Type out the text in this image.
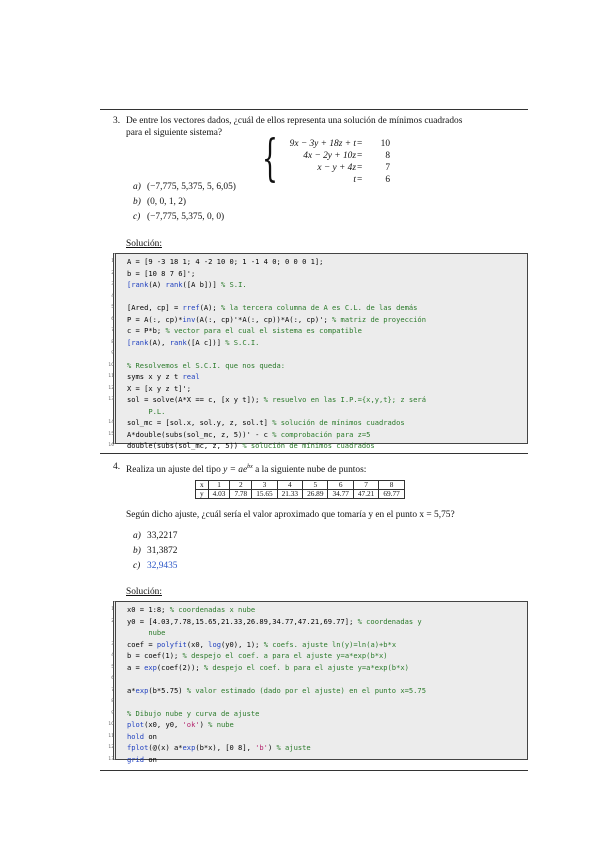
3. De entre los vectores dados, ¿cuál de ellos representa una solución de mínimos cuadrados
para el siguiente sistema? { 9x − 3y + 18z + t = 10
4x − 2y + 10z = 8
x − y + 4z = 7
t = 6
a) (−7,775, 5,375, 5, 6,05)
b) (0, 0, 1, 2)
c) (−7,775, 5,375, 0, 0)
Solución:
1 A = [9 -3 18 1; 4 -2 10 0; 1 -1 4 0; 0 0 0 1];
2 b = [10 8 7 6]';
3 [rank(A) rank([A b])] % S.I.
4

5 [Ared, cp] = rref(A); % la tercera columna de A es C.L. de las demás
6 P = A(:, cp)*inv(A(:, cp)'*A(:, cp))*A(:, cp)'; % matriz de proyección
7 c = P*b; % vector para el cual el sistema es compatible
8 [rank(A), rank([A c])] % S.C.I.
9

10 % Resolvemos el S.C.I. que nos queda:
11 syms x y z t real
12 X = [x y z t]';
13 sol = solve(A*X == c, [x y t]); % resuelvo en las I.P.={x,y,t}; z será
P.L.
14 sol_mc = [sol.x, sol.y, z, sol.t] % solución de mínimos cuadrados
15 A*double(subs(sol_mc, z, 5))' - c % comprobación para z=5
16 double(subs(sol_mc, z, 5)) % solución de mínimos cuadrados
4. Realiza un ajuste del tipo $y = ae^{bx}$ a la siguiente nube de puntos:
x	1	2	3	4	5	6	7	8
y	4.03	7.78	15.65	21.33	26.89	34.77	47.21	69.77
Según dicho ajuste, ¿cuál sería el valor aproximado que tomaría y en el punto x = 5,75?
a) 33,2217
b) 31,3872
c) 32,9435
Solución:
1 x0 = 1:8; % coordenadas x nube
2 y0 = [4.03,7.78,15.65,21.33,26.89,34.77,47.21,69.77]; % coordenadas y
nube
3 coef = polyfit(x0, log(y0), 1); % coefs. ajuste ln(y)=ln(a)+b*x
4 b = coef(1); % despejo el coef. a para el ajuste y=a*exp(b*x)
5 a = exp(coef(2)); % despejo el coef. b para el ajuste y=a*exp(b*x)
6

7 a*exp(b*5.75) % valor estimado (dado por el ajuste) en el punto x=5.75
8

9 % Dibujo nube y curva de ajuste
10 plot(x0, y0, 'ok') % nube
11 hold on
12 fplot(@(x) a*exp(b*x), [0 8], 'b') % ajuste
13 grid on
